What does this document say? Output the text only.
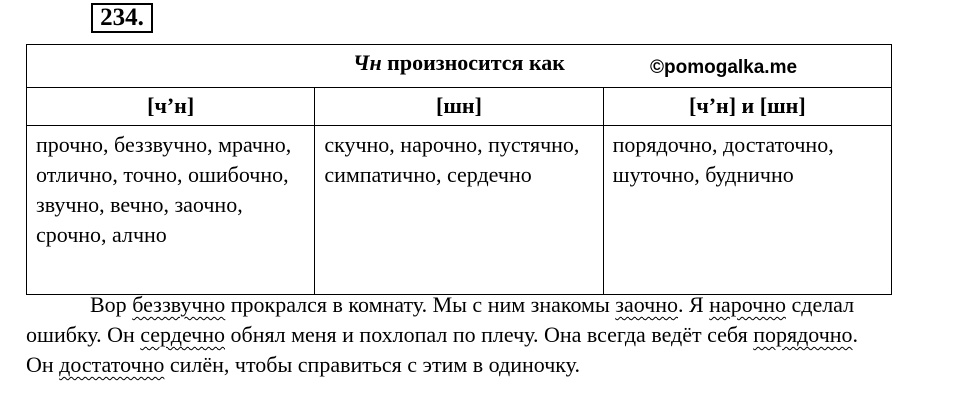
234.
Чн произносится как		
[ч’н]	[шн]	[ч’н] и [шн]
прочно, беззвучно, мрачно, отлично, точно, ошибочно, звучно, вечно, заочно, срочно, алчно	скучно, нарочно, пустячно, симпатично, сердечно	порядочно, достаточно, шуточно, буднично
©pomogalka.me

Вор беззвучно прокрался в комнату. Мы с ним знакомы заочно. Я нарочно сделал ошибку. Он сердечно обнял меня и похлопал по плечу. Она всегда ведёт себя порядочно. Он достаточно силён, чтобы справиться с этим в одиночку.
